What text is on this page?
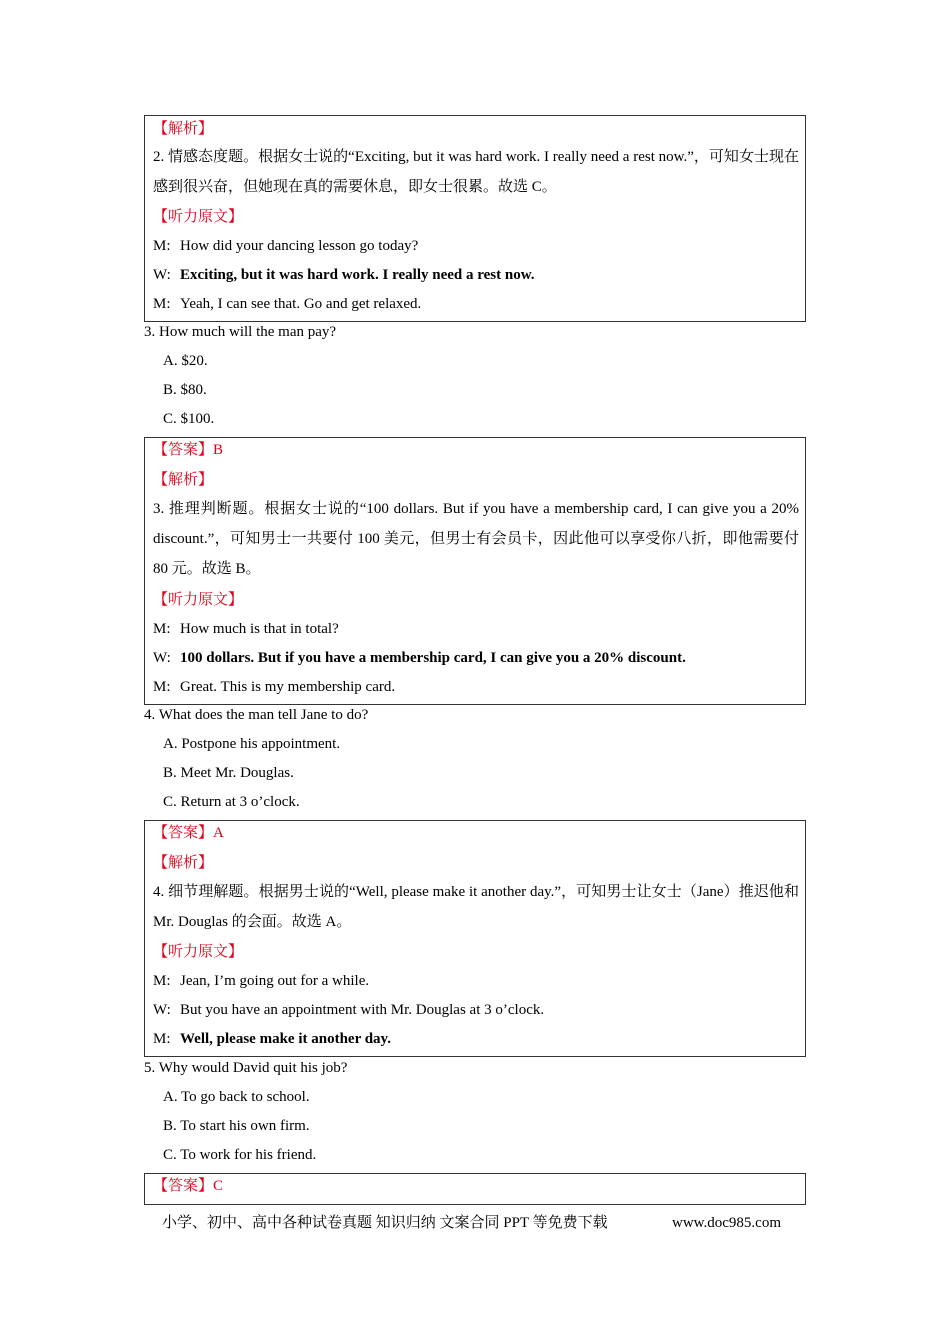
【解析】
2. 情感态度题。根据女士说的“Exciting, but it was hard work. I really need a rest now.”，可知女士现在感到很兴奋，但她现在真的需要休息，即女士很累。故选 C。
【听力原文】
M: How did your dancing lesson go today?
W: Exciting, but it was hard work. I really need a rest now.
M: Yeah, I can see that. Go and get relaxed.
3. How much will the man pay?
A. $20.
B. $80.
C. $100.
【答案】B
【解析】
3. 推理判断题。根据女士说的“100 dollars. But if you have a membership card, I can give you a 20% discount.”，可知男士一共要付 100 美元，但男士有会员卡，因此他可以享受你八折，即他需要付 80 元。故选 B。
【听力原文】
M: How much is that in total?
W: 100 dollars. But if you have a membership card, I can give you a 20% discount.
M: Great. This is my membership card.
4. What does the man tell Jane to do?
A. Postpone his appointment.
B. Meet Mr. Douglas.
C. Return at 3 o’clock.
【答案】A
【解析】
4. 细节理解题。根据男士说的“Well, please make it another day.”，可知男士让女士（Jane）推迟他和 Mr. Douglas 的会面。故选 A。
【听力原文】
M: Jean, I’m going out for a while.
W: But you have an appointment with Mr. Douglas at 3 o’clock.
M: Well, please make it another day.
5. Why would David quit his job?
A. To go back to school.
B. To start his own firm.
C. To work for his friend.
【答案】C
小学、初中、高中各种试卷真题 知识归纳 文案合同 PPT 等免费下载	www.doc985.com
